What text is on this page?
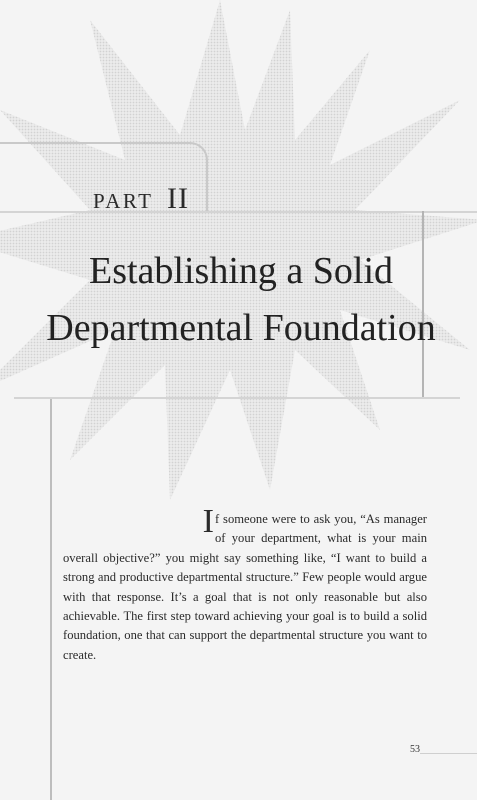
PART II
Establishing a Solid Departmental Foundation

If someone were to ask you, “As manager of your department, what is your main overall objective?” you might say something like, “I want to build a strong and productive departmental structure.” Few people would argue with that response. It’s a goal that is not only reasonable but also achievable. The first step toward achieving your goal is to build a solid foundation, one that can support the departmental structure you want to create.

53
